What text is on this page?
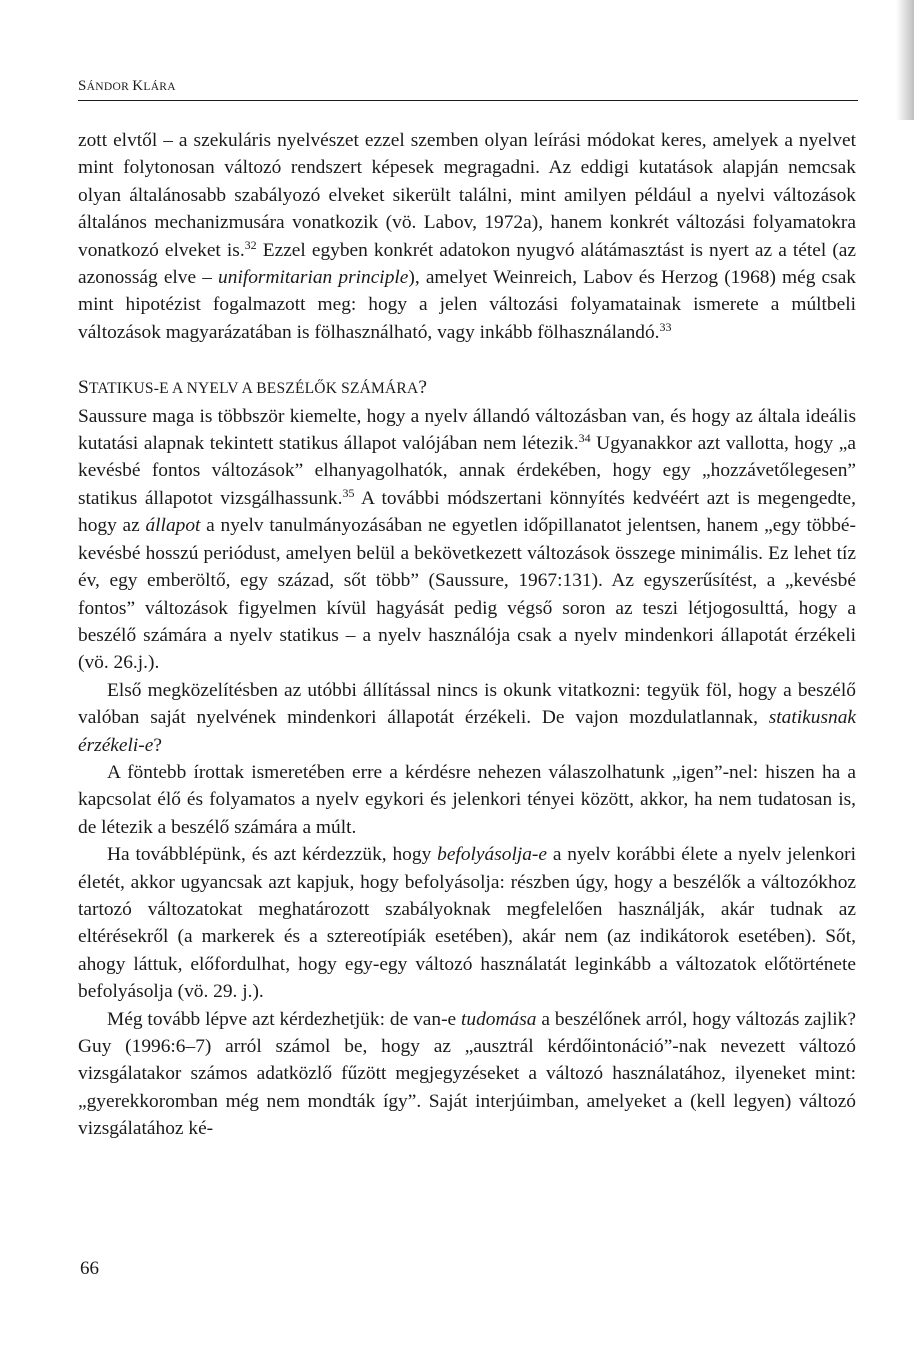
SÁNDOR KLÁRA

zott elvtől – a szekuláris nyelvészet ezzel szemben olyan leírási módokat keres, amelyek a nyelvet mint folytonosan változó rendszert képesek megragadni. Az eddigi kutatások alapján nemcsak olyan általánosabb szabályozó elveket sikerült találni, mint amilyen például a nyelvi változások általános mechanizmusára vonatkozik (vö. Labov, 1972a), hanem konkrét változási folyamatokra vonatkozó elveket is.$^{32}$ Ezzel egyben konkrét adatokon nyugvó alátámasztást is nyert az a tétel (az azonosság elve – uniformitarian principle), amelyet Weinreich, Labov és Herzog (1968) még csak mint hipotézist fogalmazott meg: hogy a jelen változási folyamatainak ismerete a múltbeli változások magyarázatában is fölhasználható, vagy inkább fölhasználandó.$^{33}$

STATIKUS-E A NYELV A BESZÉLŐK SZÁMÁRA?

Saussure maga is többször kiemelte, hogy a nyelv állandó változásban van, és hogy az általa ideális kutatási alapnak tekintett statikus állapot valójában nem létezik.$^{34}$ Ugyanakkor azt vallotta, hogy „a kevésbé fontos változások” elhanyagolhatók, annak érdekében, hogy egy „hozzávetőlegesen” statikus állapotot vizsgálhassunk.$^{35}$ A további módszertani könnyítés kedvéért azt is megengedte, hogy az állapot a nyelv tanulmányozásában ne egyetlen időpillanatot jelentsen, hanem „egy többé-kevésbé hosszú periódust, amelyen belül a bekövetkezett változások összege minimális. Ez lehet tíz év, egy emberöltő, egy század, sőt több” (Saussure, 1967:131). Az egyszerűsítést, a „kevésbé fontos” változások figyelmen kívül hagyását pedig végső soron az teszi létjogosulttá, hogy a beszélő számára a nyelv statikus – a nyelv használója csak a nyelv mindenkori állapotát érzékeli (vö. 26.j.).

Első megközelítésben az utóbbi állítással nincs is okunk vitatkozni: tegyük föl, hogy a beszélő valóban saját nyelvének mindenkori állapotát érzékeli. De vajon mozdulatlannak, statikusnak érzékeli-e?

A föntebb írottak ismeretében erre a kérdésre nehezen válaszolhatunk „igen”-nel: hiszen ha a kapcsolat élő és folyamatos a nyelv egykori és jelenkori tényei között, akkor, ha nem tudatosan is, de létezik a beszélő számára a múlt.

Ha továbblépünk, és azt kérdezzük, hogy befolyásolja-e a nyelv korábbi élete a nyelv jelenkori életét, akkor ugyancsak azt kapjuk, hogy befolyásolja: részben úgy, hogy a beszélők a változókhoz tartozó változatokat meghatározott szabályoknak megfelelően használják, akár tudnak az eltérésekről (a markerek és a sztereotípiák esetében), akár nem (az indikátorok esetében). Sőt, ahogy láttuk, előfordulhat, hogy egy-egy változó használatát leginkább a változatok előtörténete befolyásolja (vö. 29. j.).

Még tovább lépve azt kérdezhetjük: de van-e tudomása a beszélőnek arról, hogy változás zajlik? Guy (1996:6–7) arról számol be, hogy az „ausztrál kérdőintonáció”-nak nevezett változó vizsgálatakor számos adatközlő fűzött megjegyzéseket a változó használatához, ilyeneket mint: „gyerekkoromban még nem mondták így”. Saját interjúimban, amelyeket a (kell legyen) változó vizsgálatához ké-

66
